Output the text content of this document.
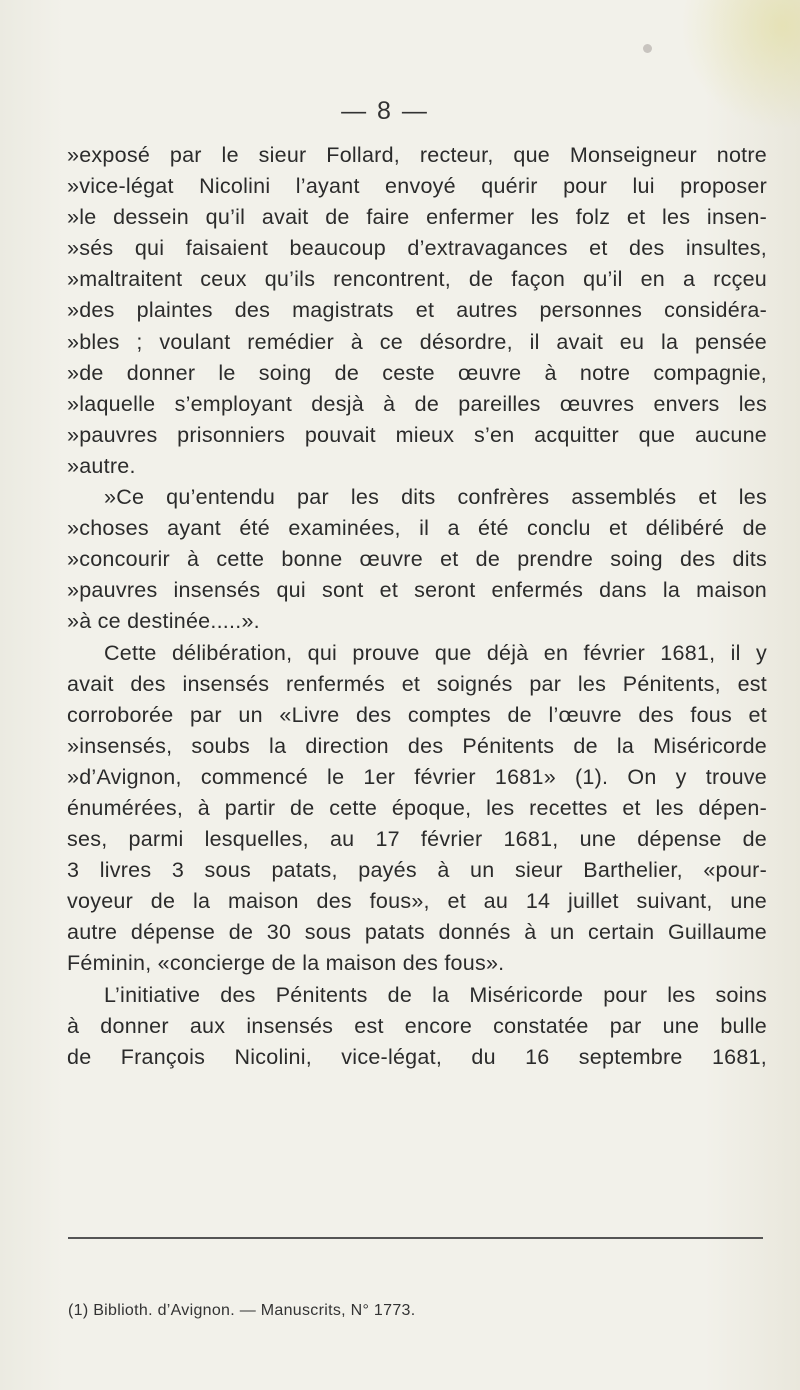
— 8 —
»exposé par le sieur Follard, recteur, que Monseigneur notre
»vice-légat Nicolini l’ayant envoyé quérir pour lui proposer
»le dessein qu’il avait de faire enfermer les folz et les insen-
»sés qui faisaient beaucoup d’extravagances et des insultes,
»maltraitent ceux qu’ils rencontrent, de façon qu’il en a rcçeu
»des plaintes des magistrats et autres personnes considéra-
»bles ; voulant remédier à ce désordre, il avait eu la pensée
»de donner le soing de ceste œuvre à notre compagnie,
»laquelle s’employant desjà à de pareilles œuvres envers les
»pauvres prisonniers pouvait mieux s’en acquitter que aucune
»autre.
»Ce qu’entendu par les dits confrères assemblés et les
»choses ayant été examinées, il a été conclu et délibéré de
»concourir à cette bonne œuvre et de prendre soing des dits
»pauvres insensés qui sont et seront enfermés dans la maison
»à ce destinée.....».
Cette délibération, qui prouve que déjà en février 1681, il y
avait des insensés renfermés et soignés par les Pénitents, est
corroborée par un «Livre des comptes de l’œuvre des fous et
»insensés, soubs la direction des Pénitents de la Miséricorde
»d’Avignon, commencé le 1er février 1681» (1). On y trouve
énumérées, à partir de cette époque, les recettes et les dépen-
ses, parmi lesquelles, au 17 février 1681, une dépense de
3 livres 3 sous patats, payés à un sieur Barthelier, «pour-
voyeur de la maison des fous», et au 14 juillet suivant, une
autre dépense de 30 sous patats donnés à un certain Guillaume
Féminin, «concierge de la maison des fous».
L’initiative des Pénitents de la Miséricorde pour les soins
à donner aux insensés est encore constatée par une bulle
de François Nicolini, vice-légat, du 16 septembre 1681,
(1) Biblioth. d’Avignon. — Manuscrits, N° 1773.
